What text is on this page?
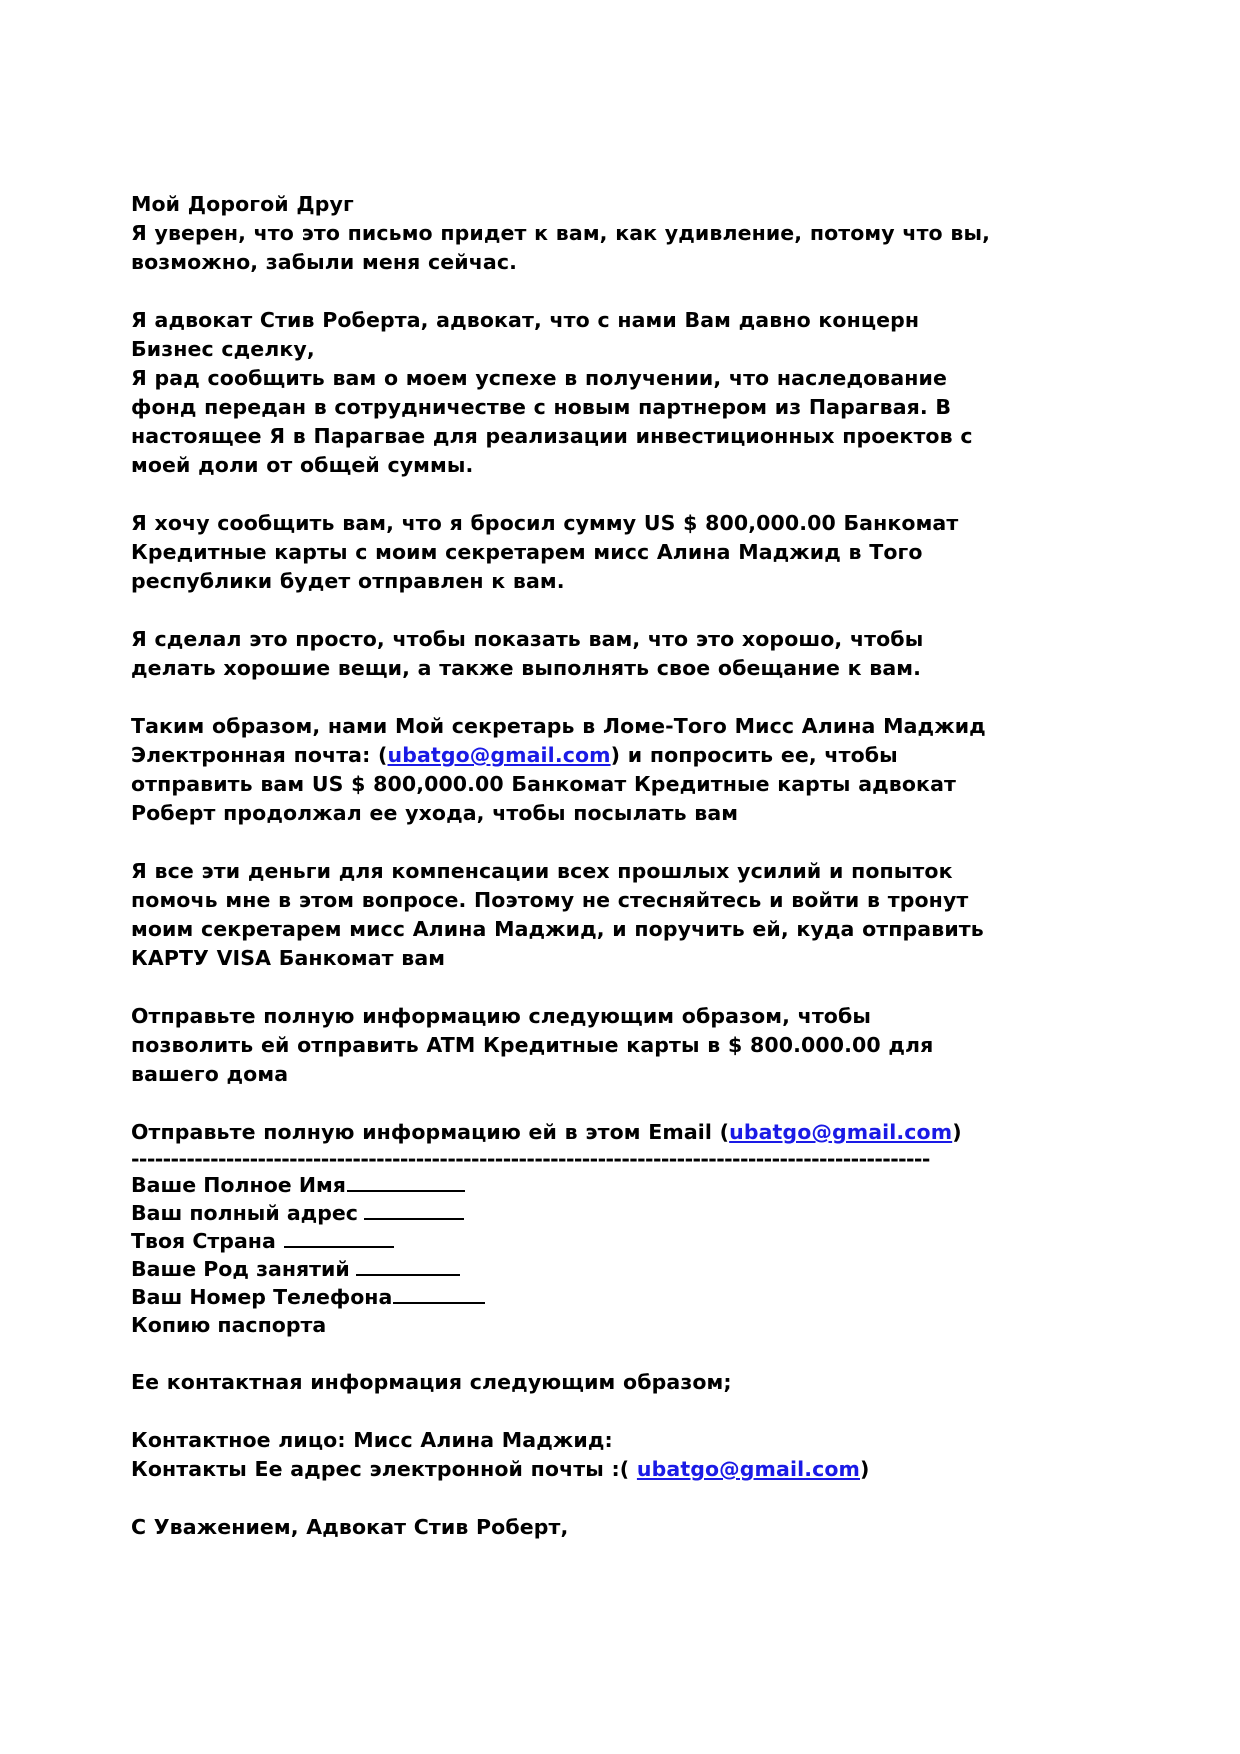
Мой Дорогой Друг

Я уверен, что это письмо придет к вам, как удивление, потому что вы, возможно, забыли меня сейчас.

Я адвокат Стив Роберта, адвокат, что с нами Вам давно концерн Бизнес сделку,

Я рад сообщить вам о моем успехе в получении, что наследование фонд передан в сотрудничестве с новым партнером из Парагвая. В настоящее Я в Парагвае для реализации инвестиционных проектов с моей доли от общей суммы.

Я хочу сообщить вам, что я бросил сумму US $ 800,000.00 Банкомат Кредитные карты с моим секретарем мисс Алина Маджид в Того республики будет отправлен к вам.

Я сделал это просто, чтобы показать вам, что это хорошо, чтобы делать хорошие вещи, а также выполнять свое обещание к вам.

Таким образом, нами Мой секретарь в Ломе-Того Мисс Алина Маджид Электронная почта: (ubatgo@gmail.com) и попросить ее, чтобы отправить вам US $ 800,000.00 Банкомат Кредитные карты адвокат Роберт продолжал ее ухода, чтобы посылать вам

Я все эти деньги для компенсации всех прошлых усилий и попыток помочь мне в этом вопросе. Поэтому не стесняйтесь и войти в тронут моим секретарем мисс Алина Маджид, и поручить ей, куда отправить КАРТУ VISA Банкомат вам

Отправьте полную информацию следующим образом, чтобы позволить ей отправить ATM Кредитные карты в $ 800.000.00 для вашего дома

Отправьте полную информацию ей в этом Email (ubatgo@gmail.com)

-----------------------------------------------------------------------------------------------------
Ваше Полное Имя
Ваш полный адрес
Твоя Страна
Ваше Род занятий
Ваш Номер Телефона
Копию паспорта

Ее контактная информация следующим образом;

Контактное лицо: Мисс Алина Маджид:

Контакты Ее адрес электронной почты :( ubatgo@gmail.com)

С Уважением, Адвокат Стив Роберт,
